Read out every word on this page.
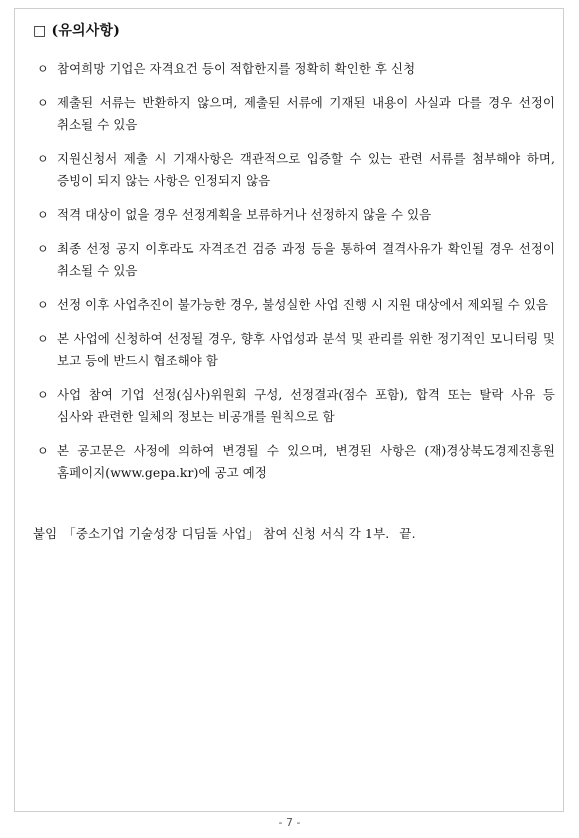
□ (유의사항)
ㅇ 참여희망 기업은 자격요건 등이 적합한지를 정확히 확인한 후 신청
ㅇ 제출된 서류는 반환하지 않으며, 제출된 서류에 기재된 내용이 사실과 다를 경우 선정이 취소될 수 있음
ㅇ 지원신청서 제출 시 기재사항은 객관적으로 입증할 수 있는 관련 서류를 첨부해야 하며, 증빙이 되지 않는 사항은 인정되지 않음
ㅇ 적격 대상이 없을 경우 선정계획을 보류하거나 선정하지 않을 수 있음
ㅇ 최종 선정 공지 이후라도 자격조건 검증 과정 등을 통하여 결격사유가 확인될 경우 선정이 취소될 수 있음
ㅇ 선정 이후 사업추진이 불가능한 경우, 불성실한 사업 진행 시 지원 대상에서 제외될 수 있음
ㅇ 본 사업에 신청하여 선정될 경우, 향후 사업성과 분석 및 관리를 위한 정기적인 모니터링 및 보고 등에 반드시 협조해야 함
ㅇ 사업 참여 기업 선정(심사)위원회 구성, 선정결과(점수 포함), 합격 또는 탈락 사유 등 심사와 관련한 일체의 정보는 비공개를 원칙으로 함
ㅇ 본 공고문은 사정에 의하여 변경될 수 있으며, 변경된 사항은 (재)경상북도경제진흥원 홈페이지(www.gepa.kr)에 공고 예정
붙임 「중소기업 기술성장 디딤돌 사업」 참여 신청 서식 각 1부. 끝.
- 7 -
